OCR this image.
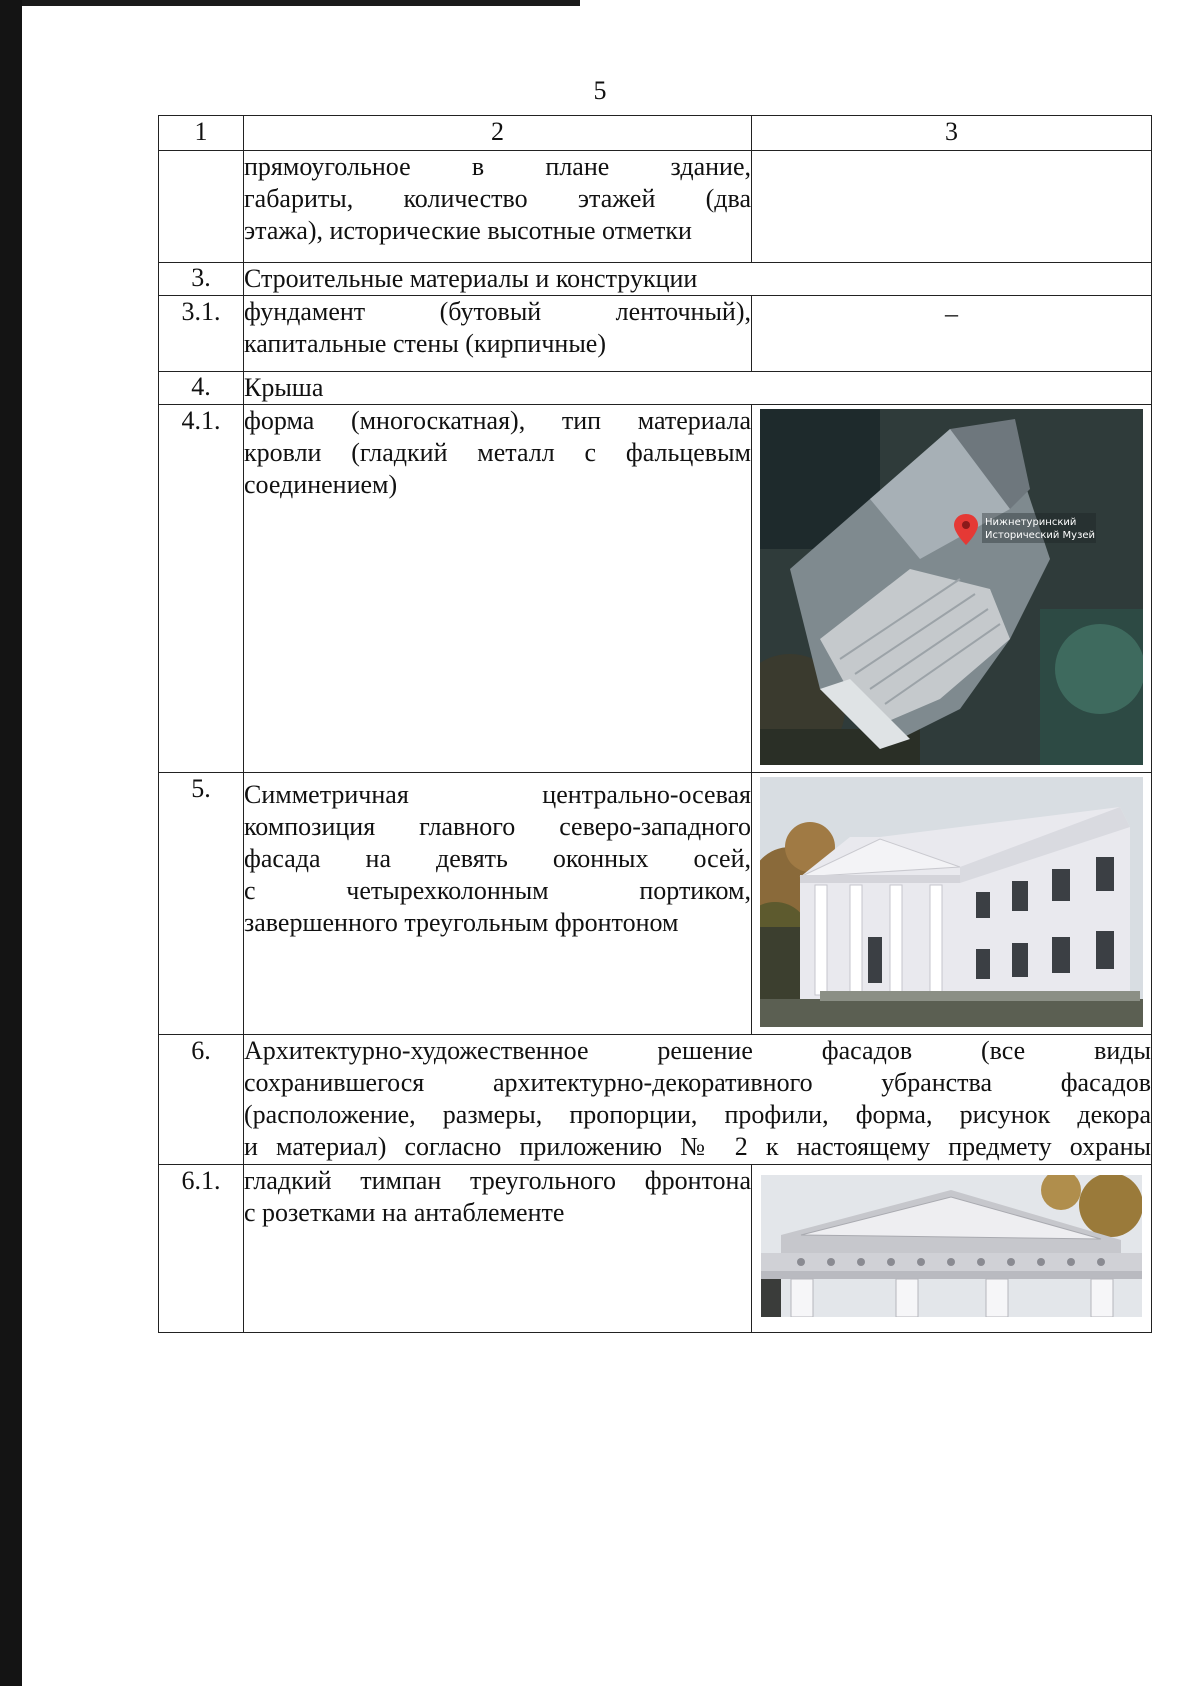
5
1	2	3

	прямоугольное в плане здание,
габариты, количество этажей (два
этажа), исторические высотные отметки	

3.	Строительные материалы и конструкции	
3.1.	фундамент (бутовый ленточный),
капитальные стены (кирпичные)	–
4.	Крыша	
4.1.	форма (многоскатная), тип материала
кровли (гладкий металл с фальцевым
соединением)	Нижнетуринский
Исторический Музей

5.	Симметричная центрально-осевая
композиция главного северо-западного
фасада на девять оконных осей,
с четырехколонным портиком,
завершенного треугольным фронтоном

6.	Архитектурно-художественное решение фасадов (все виды
сохранившегося архитектурно-декоративного убранства фасадов
(расположение, размеры, пропорции, профили, форма, рисунок декора
и материал) согласно приложению № 2 к настоящему предмету охраны	

6.1.	гладкий тимпан треугольного фронтона
с розетками на антаблементе
